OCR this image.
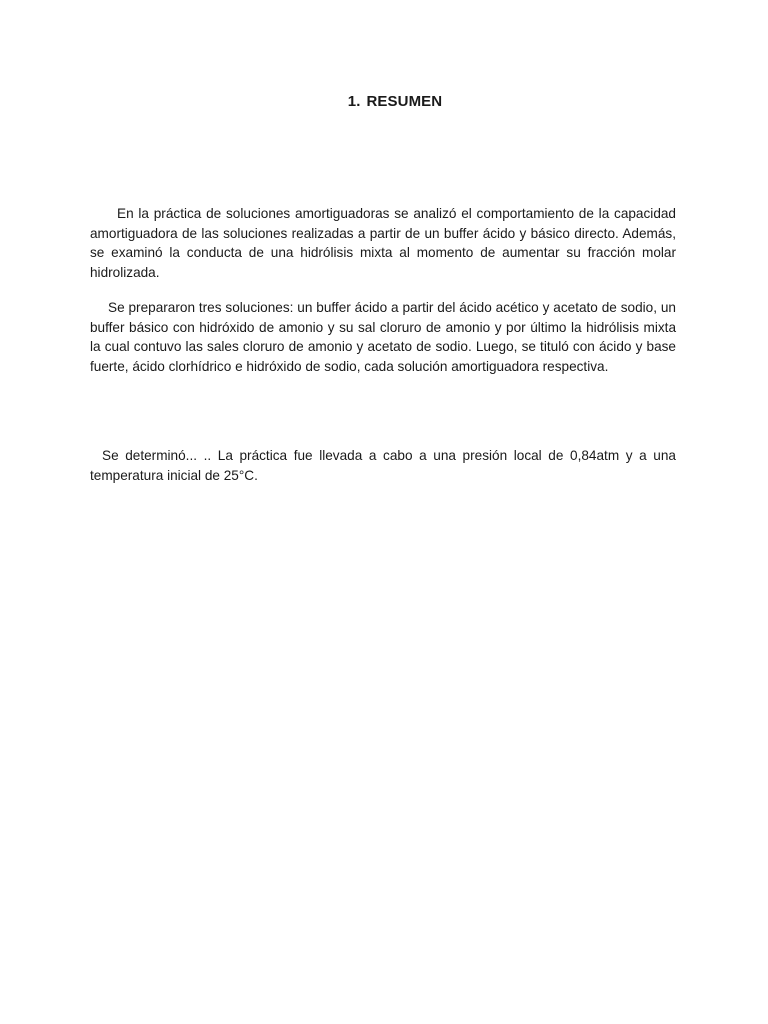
1. RESUMEN

En la práctica de soluciones amortiguadoras se analizó el comportamiento de la capacidad amortiguadora de las soluciones realizadas a partir de un buffer ácido y básico directo. Además, se examinó la conducta de una hidrólisis mixta al momento de aumentar su fracción molar hidrolizada.

Se prepararon tres soluciones: un buffer ácido a partir del ácido acético y acetato de sodio, un buffer básico con hidróxido de amonio y su sal cloruro de amonio y por último la hidrólisis mixta la cual contuvo las sales cloruro de amonio y acetato de sodio. Luego, se tituló con ácido y base fuerte, ácido clorhídrico e hidróxido de sodio, cada solución amortiguadora respectiva.

Se determinó... .. La práctica fue llevada a cabo a una presión local de 0,84atm y a una temperatura inicial de 25°C.
